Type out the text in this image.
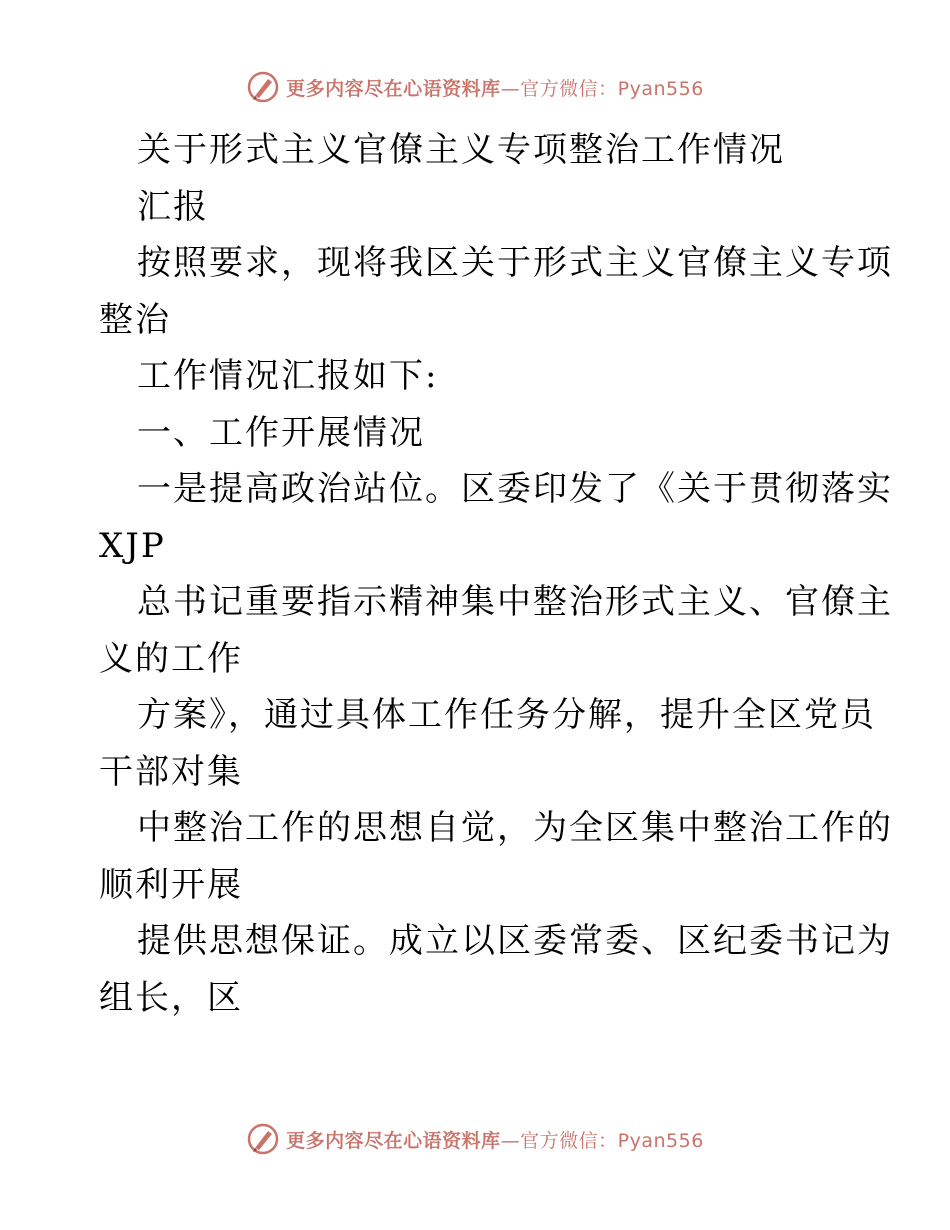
更多内容尽在心语资料库—官方微信：Pyan556
关于形式主义官僚主义专项整治工作情况
汇报
按照要求，现将我区关于形式主义官僚主义专项
整治
工作情况汇报如下:
一、工作开展情况
一是提高政治站位。区委印发了《关于贯彻落实
XJP
总书记重要指示精神集中整治形式主义、官僚主
义的工作
方案》，通过具体工作任务分解，提升全区党员
干部对集
中整治工作的思想自觉，为全区集中整治工作的
顺利开展
提供思想保证。成立以区委常委、区纪委书记为
组长，区
更多内容尽在心语资料库—官方微信：Pyan556
